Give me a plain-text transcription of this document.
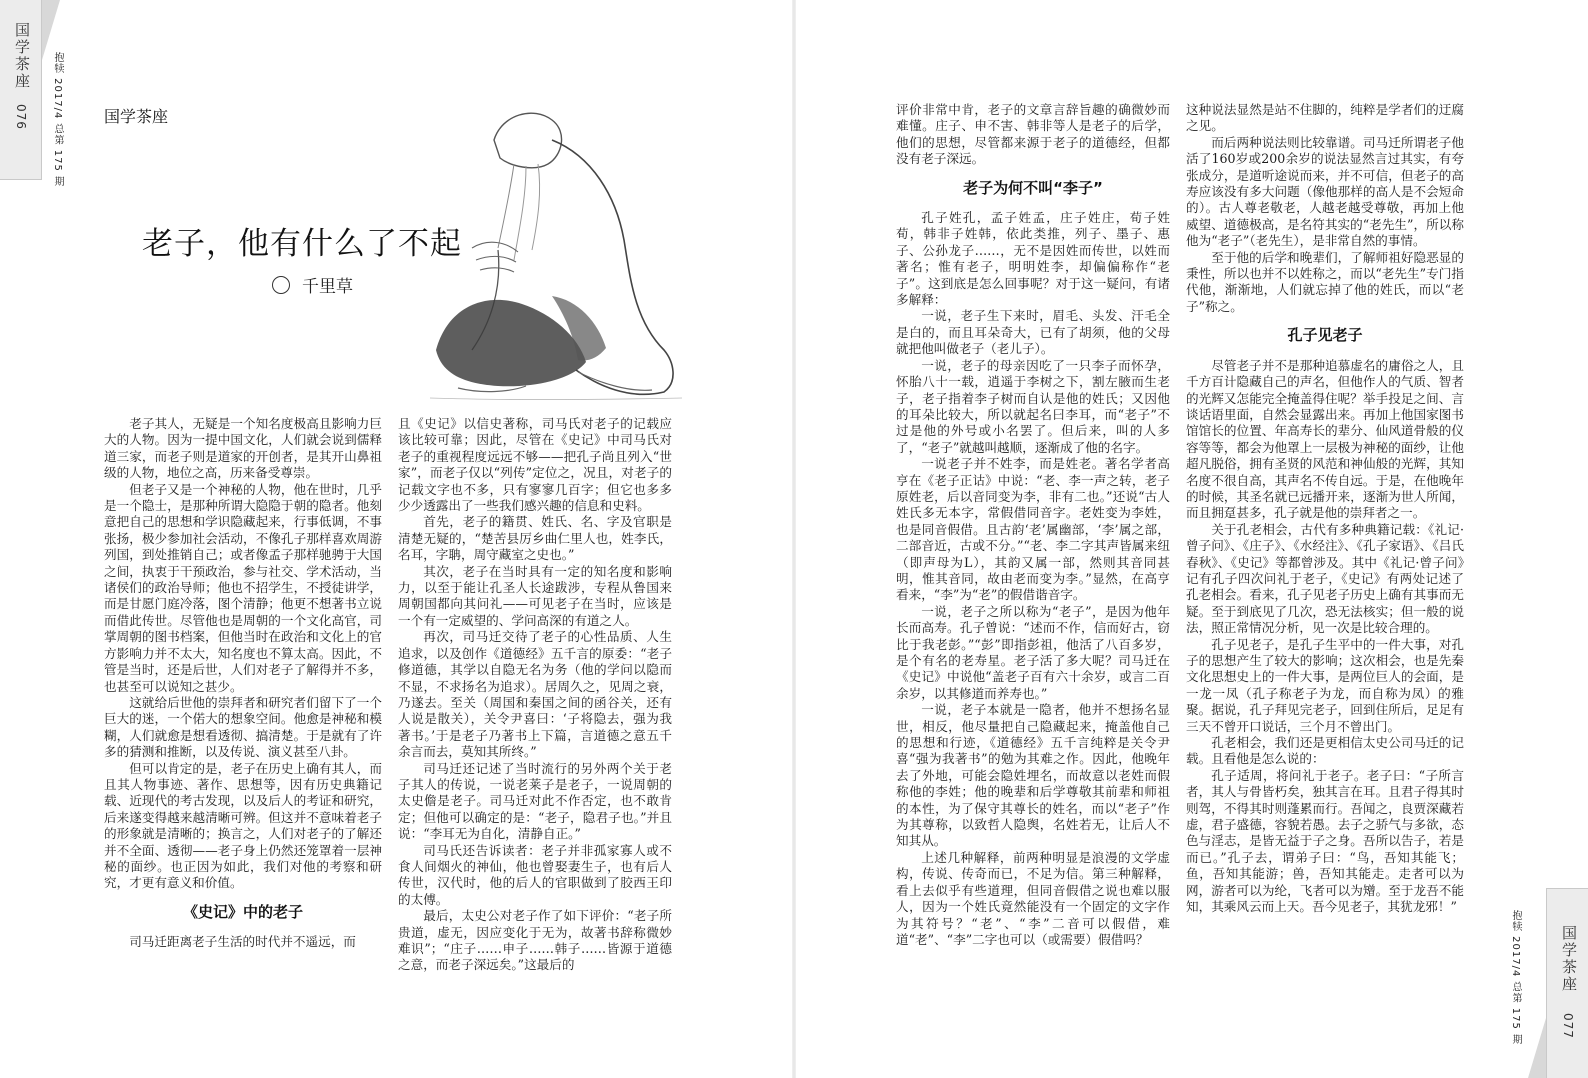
国学茶座
076 抱犊 2017/4 总第 175 期	国学茶座
老子，他有什么了不起
千里草

老子其人，无疑是一个知名度极高且影响力巨大的人物。因为一提中国文化，人们就会说到儒释道三家，而老子则是道家的开创者，是其开山鼻祖级的人物，地位之高，历来备受尊崇。

但老子又是一个神秘的人物，他在世时，几乎是一个隐士，是那种所谓大隐隐于朝的隐者。他刻意把自己的思想和学识隐藏起来，行事低调，不事张扬，极少参加社会活动，不像孔子那样喜欢周游列国，到处推销自己；或者像孟子那样驰骋于大国之间，执衷于干预政治，参与社交、学术活动，当诸侯们的政治导师；他也不招学生，不授徒讲学，而是甘愿门庭冷落，图个清静；他更不想著书立说而借此传世。尽管他也是周朝的一个文化高官，司掌周朝的图书档案，但他当时在政治和文化上的官方影响力并不太大，知名度也不算太高。因此，不管是当时，还是后世，人们对老子了解得并不多，也甚至可以说知之甚少。

这就给后世他的崇拜者和研究者们留下了一个巨大的迷，一个偌大的想象空间。他愈是神秘和模糊，人们就愈是想看透彻、搞清楚。于是就有了许多的猜测和推断，以及传说、演义甚至八卦。

但可以肯定的是，老子在历史上确有其人，而且其人物事迹、著作、思想等，因有历史典籍记载、近现代的考古发现，以及后人的考证和研究，后来遂变得越来越清晰可辨。但这并不意味着老子的形象就是清晰的；换言之，人们对老子的了解还并不全面、透彻——老子身上仍然还笼罩着一层神秘的面纱。也正因为如此，我们对他的考察和研究，才更有意义和价值。

《史记》中的老子

司马迁距离老子生活的时代并不遥远，而

且《史记》以信史著称，司马氏对老子的记载应该比较可靠；因此，尽管在《史记》中司马氏对老子的重视程度远远不够——把孔子尚且列入“世家”，而老子仅以“列传”定位之，况且，对老子的记载文字也不多，只有寥寥几百字；但它也多多少少透露出了一些我们感兴趣的信息和史料。

首先，老子的籍贯、姓氏、名、字及官职是清楚无疑的，“楚苦县厉乡曲仁里人也，姓李氏，名耳，字聃，周守藏室之史也。”

其次，老子在当时具有一定的知名度和影响力，以至于能让孔圣人长途跋涉，专程从鲁国来周朝国都向其问礼——可见老子在当时，应该是一个有一定威望的、学问高深的有道之人。

再次，司马迁交待了老子的心性品质、人生追求，以及创作《道德经》五千言的原委：“老子修道德，其学以自隐无名为务（他的学问以隐而不显，不求扬名为追求）。居周久之，见周之衰，乃遂去。至关（周国和秦国之间的函谷关，还有人说是散关），关令尹喜曰：‘子将隐去，强为我著书。’于是老子乃著书上下篇，言道德之意五千余言而去，莫知其所终。”

司马迁还记述了当时流行的另外两个关于老子其人的传说，一说老莱子是老子，一说周朝的太史儋是老子。司马迁对此不作否定，也不敢肯定；但他可以确定的是：“老子，隐君子也。”并且说：“李耳无为自化，清静自正。”

司马氏还告诉读者：老子并非孤家寡人或不食人间烟火的神仙，他也曾娶妻生子，也有后人传世，汉代时，他的后人的官职做到了胶西王印的太傅。

最后，太史公对老子作了如下评价：“老子所贵道，虚无，因应变化于无为，故著书辞称微妙难识”；“庄子……申子……韩子……皆源于道德之意，而老子深远矣。”这最后的

评价非常中肯，老子的文章言辞旨趣的确微妙而难懂。庄子、申不害、韩非等人是老子的后学，他们的思想，尽管都来源于老子的道德经，但都没有老子深远。

老子为何不叫“李子”

孔子姓孔，孟子姓孟，庄子姓庄，荀子姓荀，韩非子姓韩，依此类推，列子、墨子、惠子、公孙龙子……，无不是因姓而传世，以姓而著名；惟有老子，明明姓李，却偏偏称作“老子”。这到底是怎么回事呢？对于这一疑问，有诸多解释：

一说，老子生下来时，眉毛、头发、汗毛全是白的，而且耳朵奇大，已有了胡须，他的父母就把他叫做老子（老儿子）。

一说，老子的母亲因吃了一只李子而怀孕，怀胎八十一载，逍遥于李树之下，割左腋而生老子，老子指着李子树而自认是他的姓氏；又因他的耳朵比较大，所以就起名曰李耳，而“老子”不过是他的外号或小名罢了。但后来，叫的人多了，“老子”就越叫越顺，逐渐成了他的名字。

一说老子并不姓李，而是姓老。著名学者高亨在《老子正诂》中说：“老、李一声之转，老子原姓老，后以音同变为李，非有二也。”还说“古人姓氏多无本字，常假借同音字。老姓变为李姓，也是同音假借。且古韵‘老’属幽部，‘李’属之部，二部音近，古或不分。”“老、李二字其声皆属来纽（即声母为L），其韵又属一部，然则其音同甚明，惟其音同，故由老而变为李。”显然，在高亨看来，“李”为“老”的假借谐音字。

一说，老子之所以称为“老子”，是因为他年长而高寿。孔子曾说：“述而不作，信而好古，窃比于我老彭。”“彭”即指彭祖，他活了八百多岁，是个有名的老寿星。老子活了多大呢？司马迁在《史记》中说他“盖老子百有六十余岁，或言二百余岁，以其修道而养寿也。”

一说，老子本就是一隐者，他并不想扬名显世，相反，他尽量把自己隐藏起来，掩盖他自己的思想和行迹，《道德经》五千言纯粹是关令尹喜“强为我著书”的勉为其难之作。因此，他晚年去了外地，可能会隐姓埋名，而故意以老姓而假称他的李姓；他的晚辈和后学尊敬其前辈和师祖的本性，为了保守其尊长的姓名，而以“老子”作为其尊称，以致哲人隐舆，名姓若无，让后人不知其从。

上述几种解释，前两种明显是浪漫的文学虚构，传说、传奇而已，不足为信。第三种解释，看上去似乎有些道理，但同音假借之说也难以服人，因为一个姓氏竟然能没有一个固定的文字作为其符号？“老”、“李”二音可以假借，难道“老”、“李”二字也可以（或需要）假借吗？

这种说法显然是站不住脚的，纯粹是学者们的迂腐之见。

而后两种说法则比较靠谱。司马迁所谓老子他活了160岁或200余岁的说法显然言过其实，有夸张成分，是道听途说而来，并不可信，但老子的高寿应该没有多大问题（像他那样的高人是不会短命的）。古人尊老敬老，人越老越受尊敬，再加上他威望、道德极高，是名符其实的“老先生”，所以称他为“老子”（老先生），是非常自然的事情。

至于他的后学和晚辈们，了解师祖好隐恶显的秉性，所以也并不以姓称之，而以“老先生”专门指代他，渐渐地，人们就忘掉了他的姓氏，而以“老子”称之。

孔子见老子

尽管老子并不是那种追慕虚名的庸俗之人，且千方百计隐藏自己的声名，但他作人的气质、智者的光辉又怎能完全掩盖得住呢？举手投足之间、言谈话语里面，自然会显露出来。再加上他国家图书馆馆长的位置、年高寿长的辈分、仙风道骨般的仪容等等，都会为他罩上一层极为神秘的面纱，让他超凡脱俗，拥有圣贤的风范和神仙般的光辉，其知名度不很自高，其声名不传自远。于是，在他晚年的时候，其圣名就已远播开来，逐渐为世人所闻，而且拥趸甚多，孔子就是他的崇拜者之一。

关于孔老相会，古代有多种典籍记载：《礼记·曾子问》、《庄子》、《水经注》、《孔子家语》、《吕氏春秋》、《史记》等都曾涉及。其中《礼记·曾子问》记有孔子四次问礼于老子，《史记》有两处记述了孔老相会。看来，孔子见老子历史上确有其事而无疑。至于到底见了几次，恐无法核实；但一般的说法，照正常情况分析，见一次是比较合理的。

孔子见老子，是孔子生平中的一件大事，对孔子的思想产生了较大的影响；这次相会，也是先秦文化思想史上的一件大事，是两位巨人的会面，是一龙一凤（孔子称老子为龙，而自称为凤）的雅聚。据说，孔子拜见完老子，回到住所后，足足有三天不曾开口说话，三个月不曾出门。

孔老相会，我们还是更相信太史公司马迁的记载。且看他是怎么说的：

孔子适周，将问礼于老子。老子曰：“子所言者，其人与骨皆朽矣，独其言在耳。且君子得其时则驾，不得其时则蓬累而行。吾闻之，良贾深藏若虚，君子盛德，容貌若愚。去子之骄气与多欲，态色与淫志，是皆无益于子之身。吾所以告子，若是而已。”孔子去，谓弟子曰：“鸟，吾知其能飞；鱼，吾知其能游；兽，吾知其能走。走者可以为网，游者可以为纶，飞者可以为矰。至于龙吾不能知，其乘风云而上天。吾今见老子，其犹龙邪！”

抱犊 2017/4 总第 175 期	国学茶座
077
